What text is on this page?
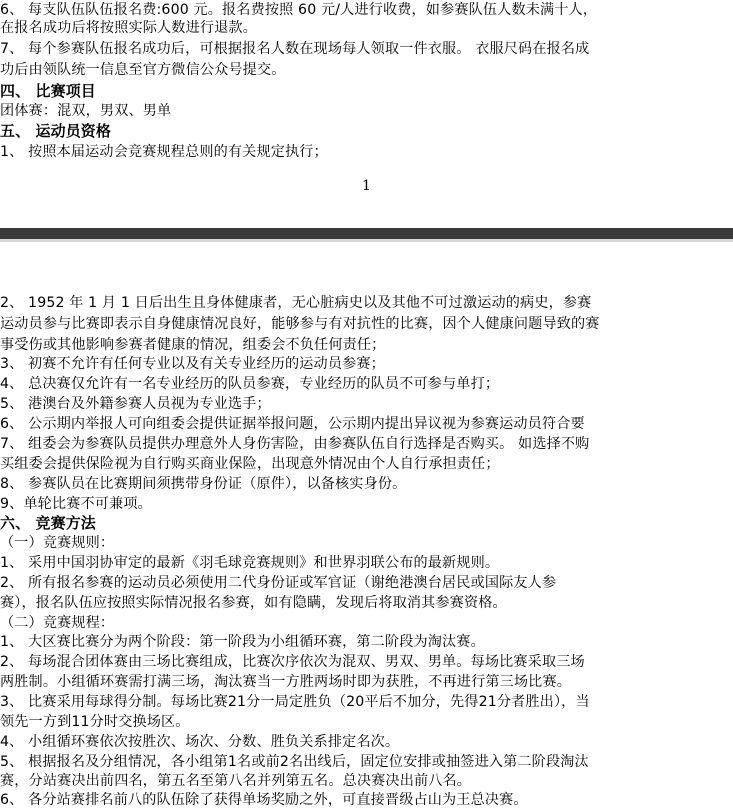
6、 每支队伍队伍报名费:600 元。报名费按照 60 元/人进行收费，如参赛队伍人数未满十人，
在报名成功后将按照实际人数进行退款。
7、 每个参赛队伍报名成功后，可根据报名人数在现场每人领取一件衣服。 衣服尺码在报名成
功后由领队统一信息至官方微信公众号提交。
四、 比赛项目
团体赛：混双，男双、男单
五、 运动员资格
1、 按照本届运动会竞赛规程总则的有关规定执行；
1
2、 1952 年 1 月 1 日后出生且身体健康者，无心脏病史以及其他不可过激运动的病史，参赛
运动员参与比赛即表示自身健康情况良好，能够参与有对抗性的比赛，因个人健康问题导致的赛
事受伤或其他影响参赛者健康的情况，组委会不负任何责任；
3、 初赛不允许有任何专业以及有关专业经历的运动员参赛；
4、 总决赛仅允许有一名专业经历的队员参赛，专业经历的队员不可参与单打；
5、 港澳台及外籍参赛人员视为专业选手；
6、 公示期内举报人可向组委会提供证据举报问题，公示期内提出异议视为参赛运动员符合要
7、 组委会为参赛队员提供办理意外人身伤害险，由参赛队伍自行选择是否购买。 如选择不购
买组委会提供保险视为自行购买商业保险，出现意外情况由个人自行承担责任；
8、 参赛队员在比赛期间须携带身份证（原件），以备核实身份。
9、单轮比赛不可兼项。
六、 竞赛方法
（一）竞赛规则：
1、 采用中国羽协审定的最新《羽毛球竞赛规则》和世界羽联公布的最新规则。
2、 所有报名参赛的运动员必须使用二代身份证或军官证（谢绝港澳台居民或国际友人参
赛），报名队伍应按照实际情况报名参赛，如有隐瞒，发现后将取消其参赛资格。
（二）竞赛规程：
1、 大区赛比赛分为两个阶段：第一阶段为小组循环赛，第二阶段为淘汰赛。
2、 每场混合团体赛由三场比赛组成，比赛次序依次为混双、男双、男单。每场比赛采取三场
两胜制。小组循环赛需打满三场，淘汰赛当一方胜两场时即为获胜，不再进行第三场比赛。
3、 比赛采用每球得分制。每场比赛21分一局定胜负（20平后不加分，先得21分者胜出），当
领先一方到11分时交换场区。
4、 小组循环赛依次按胜次、场次、分数、胜负关系排定名次。
5、 根据报名及分组情况，各小组第1名或前2名出线后，固定位安排或抽签进入第二阶段淘汰
赛，分站赛决出前四名，第五名至第八名并列第五名。总决赛决出前八名。
6、 各分站赛排名前八的队伍除了获得单场奖励之外，可直接晋级占山为王总决赛。
